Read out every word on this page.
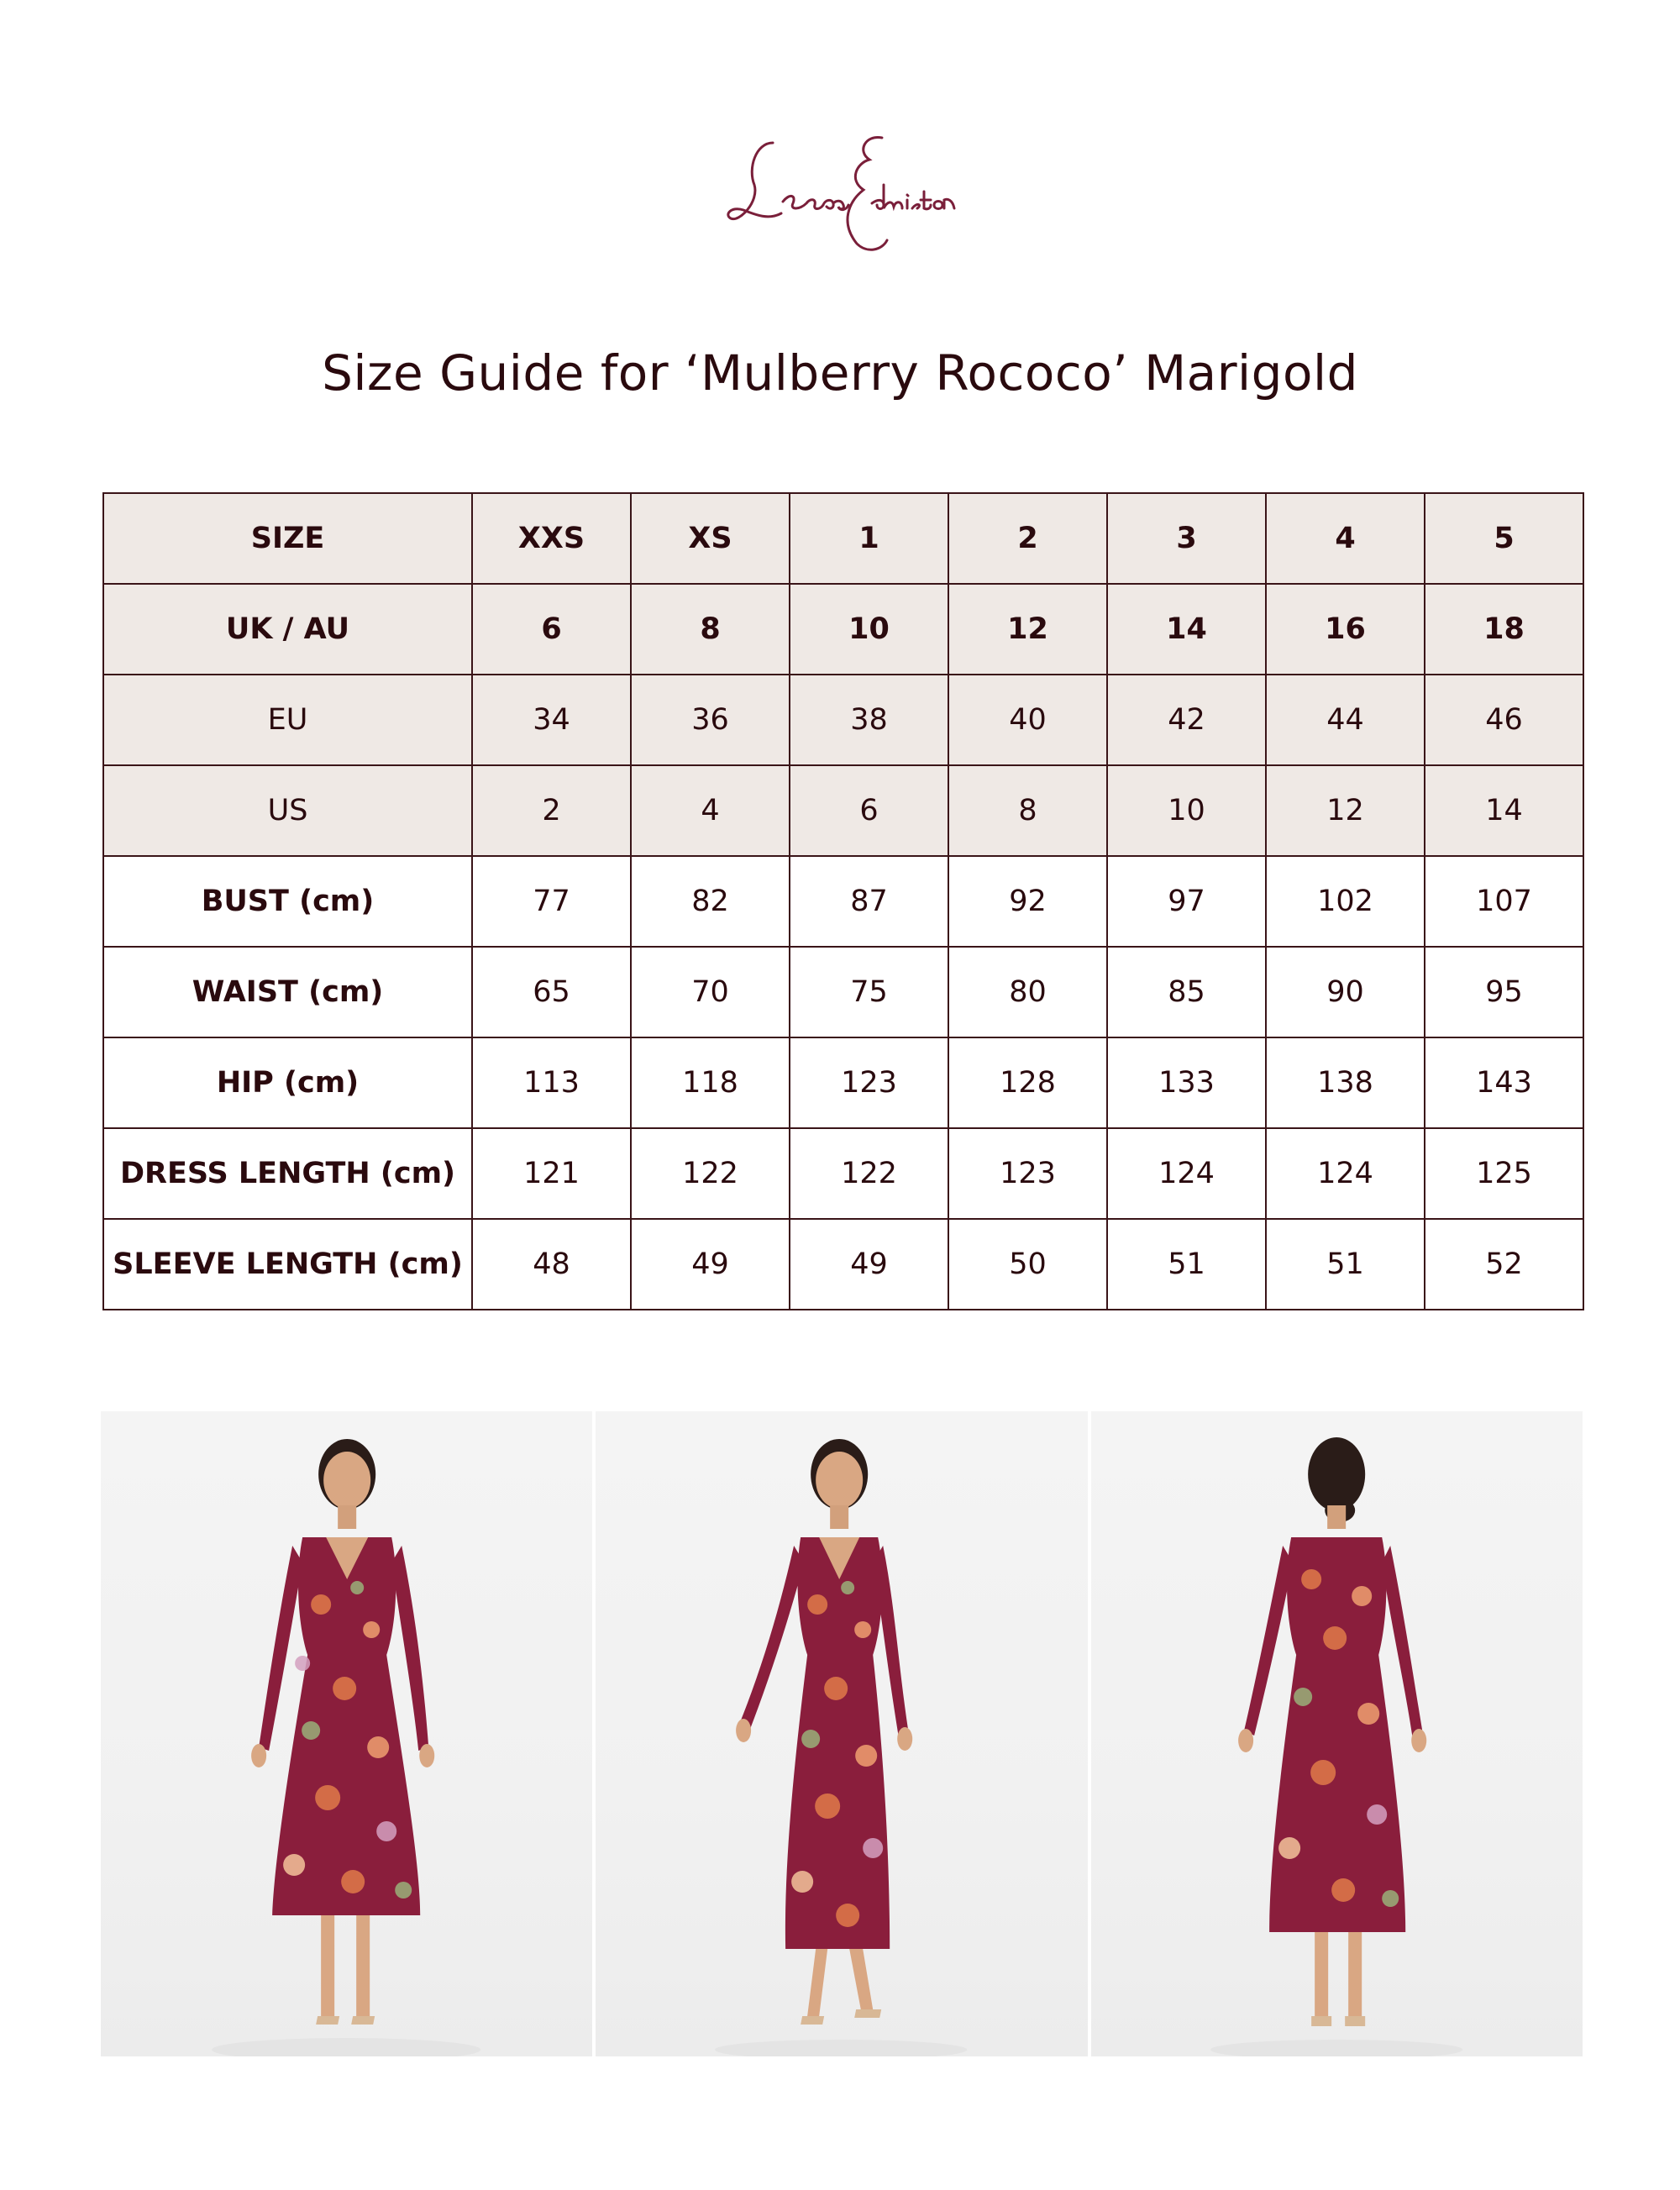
Size Guide for ‘Mulberry Rococo’ Marigold
SIZE	XXS	XS	1	2	3	4	5
UK / AU	6	8	10	12	14	16	18
EU	34	36	38	40	42	44	46
US	2	4	6	8	10	12	14
BUST (cm)	77	82	87	92	97	102	107
WAIST (cm)	65	70	75	80	85	90	95
HIP (cm)	113	118	123	128	133	138	143
DRESS LENGTH (cm)	121	122	122	123	124	124	125
SLEEVE LENGTH (cm)	48	49	49	50	51	51	52
